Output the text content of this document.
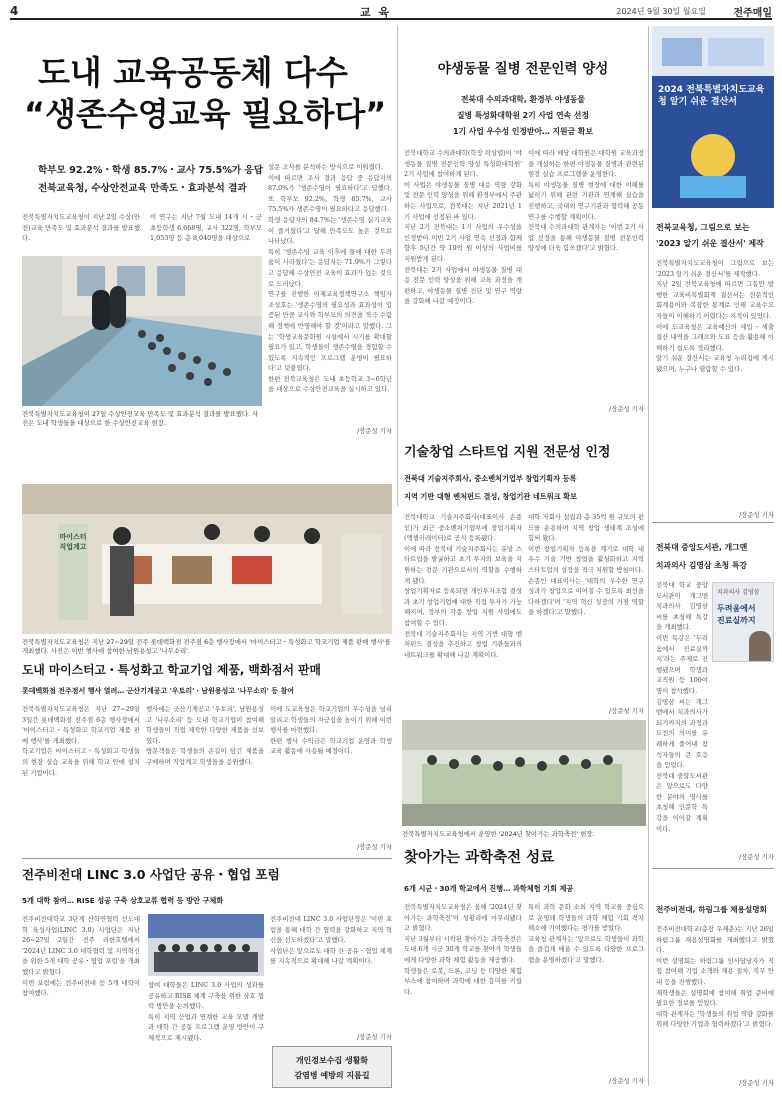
4	교 육	2024년 9월 30일 월요일	전주매일
도내 교육공동체 다수
“생존수영교육 필요하다”
학부모 92.2%・학생 85.7%・교사 75.5%가 응답
전북교육청, 수상안전교육 만족도・효과분석 결과
전북특별자치도교육청이 지난 2일 수상(안전)교육 만족도 및 효과분석 결과를 발표했다.
이 연구는 지난 7월 도내 14개 시・군 초등학생 6,668명, 교사 322명, 학부모 1,053명 등 총 8,040명을 대상으로
전북특별자치도교육청이 27일 수상안전교육 만족도 및 효과분석 결과를 발표했다. 사진은 도내 학생들을 대상으로 한 수상안전교육 현장.
설문 조사를 분석하는 방식으로 이뤄졌다.
이에 따르면 조사 결과 응답 중 응답자의 87.0%가 '생존수영이 필요하다'고 답했다. 또 학부모 92.2%, 학생 85.7%, 교사 75.5%가 생존수영이 필요하다고 응답했다.
학생 응답자의 84.7%는 '생존수영 실기교육이 즐거웠다'고 답해 만족도도 높은 것으로 나타났다.
특히 '생존수영 교육 이후에 물에 대한 두려움이 사라졌다'는 응답자는 71.9%가 그렇다고 응답해 수상안전 교육이 효과가 있는 것으로 드러났다.
연구를 진행한 이재교육정책연구소 책임자 조성호는 '생존수영의 필요성과 효과성이 입증된 만큼 교사와 학부모의 의견을 적극 수렴해 정책에 반영해야 할 것'이라고 말했다. 그는 '학생교육문화원 시설에서 시기를 확대할 필요가 있고, 학생들이 생존수영을 경험할 수 있도록 지속적인 프로그램 운영이 필요하다'고 덧붙였다.
한편 전북교육청은 도내 초등학교 3~6학년을 대상으로 수상안전교육을 실시하고 있다.
/장준성 기자
야생동물 질병 전문인력 양성
전북대 수의과대학, 환경부 야생동물
질병 특성화대학원 2기 사업 연속 선정
1기 사업 우수성 인정받아… 지원금 확보
전북대학교 수의과대학(학장 곽상렬)이 '야생동물 질병 전문인력 양성 특성화대학원' 2기 사업에 참여하게 된다.
이 사업은 야생동물 질병 대응 역량 강화 및 전문 인력 양성을 위해 환경부에서 주관하는 사업으로, 전북대는 지난 2021년 1기 사업에 선정된 바 있다.
지난 2기 전북대는 1기 사업의 우수성을 인정받아 이번 2기 사업 연속 선정과 함께 향후 5년간 약 19억 원 이상의 사업비를 지원받게 된다.
전북대는 2기 사업에서 야생동물 질병 대응 전문 인력 양성을 위해 교육 과정을 개편하고, 야생동물 질병 진단 및 연구 역량을 강화해 나갈 예정이다.
이에 따라 해당 대학원은 대학원 교육과정을 개설하는 한편 야생동물 질병과 관련된 현장 실습 프로그램을 운영한다.
특히 야생동물 질병 현장에 대한 이해를 넓히기 위해 관련 기관과 연계해 실습을 진행하고, 국내외 연구기관과 협력해 공동 연구를 수행할 계획이다.
전북대 수의과대학 관계자는 '이번 2기 사업 선정을 통해 야생동물 질병 전문인력 양성에 더욱 힘쓰겠다'고 밝혔다.
/장준성 기자
2024 전북특별자치도교육청 알기 쉬운 결산서
전북교육청, 그림으로 보는
'2023 알기 쉬운 결산서' 제작
전북특별자치도교육청이 그림으로 보는 '2023 알기 쉬운 결산서'를 제작했다.
지난 2일 전북교육청에 따르면 그동안 발행한 교육비특별회계 결산서는 전문적인 회계용어와 복잡한 통계로 인해 교육수요자들이 이해하기 어렵다는 지적이 있었다.
이에 도교육청은 교육예산의 세입・세출 결산 내역을 그래프와 도표 등을 활용해 이해하기 쉽도록 정리했다.
알기 쉬운 결산서는 교육청 누리집에 게시됐으며, 누구나 열람할 수 있다.
/장준성 기자
기술창업 스타트업 지원 전문성 인정
전북대 기술지주회사, 중소벤처기업부 창업기획자 등록
지역 기반 대형 벤처펀드 결성, 창업기관 네트워크 확보
전북대학교 기술지주회사(대표이사 손종인)가 최근 중소벤처기업부에 창업기획자(액셀러레이터)로 공식 등록됐다.
이에 따라 전북대 기술지주회사는 유망 스타트업을 발굴하고 초기 투자와 보육을 지원하는 전문 기관으로서의 역할을 수행하게 됐다.
창업기획자로 등록되면 개인투자조합 결성과 초기 창업기업에 대한 직접 투자가 가능해지며, 정부의 각종 창업 지원 사업에도 참여할 수 있다.
전북대 기술지주회사는 지역 기반 대형 벤처펀드 결성을 추진하고 창업 기관들과의 네트워크를 확대해 나갈 계획이다.
대학 자회사 설립과 총 35억 원 규모의 펀드를 운용하며 지역 창업 생태계 조성에 힘써 왔다.
이번 창업기획자 등록을 계기로 대학 내 우수 기술 기반 창업을 활성화하고 지역 스타트업의 성장을 적극 지원할 방침이다.
손종인 대표이사는 '대학의 우수한 연구 성과가 창업으로 이어질 수 있도록 최선을 다하겠다'며 '지역 혁신 성장의 거점 역할을 하겠다'고 말했다.
/장준성 기자
마이스터 직업계고
전북특별자치도교육청은 지난 27~29일 전주 롯데백화점 전주점 6층 행사장에서 '마이스터고・특성화고 학교기업 제품 판매 행사'를 개최했다. 사진은 이번 행사에 참여한 남원용성고 '나무소리'.
도내 마이스터고・특성화고 학교기업 제품, 백화점서 판매
롯데백화점 전주점서 행사 열려… 군산기계공고 '우토리'・남원용성고 '나무소리' 등 참여
전북특별자치도교육청은 지난 27~29일 3일간 롯데백화점 전주점 6층 행사장에서 '마이스터고・특성화고 학교기업 제품 판매 행사'를 개최했다.
학교기업은 마이스터고・특성화고 학생들의 현장 실습 교육을 위해 학교 안에 설치된 기업이다.
행사에는 군산기계공고 '우토리', 남원용성고 '나무소리' 등 도내 학교기업이 참여해 학생들이 직접 제작한 다양한 제품을 선보였다.
방문객들은 학생들의 손길이 담긴 제품을 구매하며 직업계고 학생들을 응원했다.
이에 도교육청은 학교기업의 우수성을 널리 알리고 학생들의 자긍심을 높이기 위해 이번 행사를 마련했다.
한편 행사 수익금은 학교기업 운영과 학생 교육 활동에 사용될 예정이다.
/장준성 기자
전주비전대 LINC 3.0 사업단 공유・협업 포럼
5개 대학 참여… RISE 성공 구축 상호교류 협력 등 방안 구체화
전주비전대학교 3단계 산학연협력 선도대학 육성사업(LINC 3.0) 사업단은 지난 26~27일 2일간 전주 라한호텔에서 '2024년 LINC 3.0 대학협력 및 지역혁신을 위한 5개 대학 공유・협업 포럼'을 개최했다고 밝혔다.
이번 포럼에는 전주비전대 등 5개 대학이 참여했다.
참여 대학들은 LINC 3.0 사업의 성과를 공유하고 RISE 체계 구축을 위한 상호 협력 방안을 논의했다.
특히 지역 산업과 연계한 교육 모델 개발과 대학 간 공동 프로그램 운영 방안이 구체적으로 제시됐다.
전주비전대 LINC 3.0 사업단장은 '이번 포럼을 통해 대학 간 협력을 강화하고 지역 혁신을 선도하겠다'고 말했다.
사업단은 앞으로도 대학 간 공유・협업 체계를 지속적으로 확대해 나갈 계획이다.
/장준성 기자
개인정보수집 생활화
감염병 예방의 지름길
전북특별자치도교육청에서 운영한 '2024년 찾아가는 과학축전' 현장.
찾아가는 과학축전 성료
6개 시군・30개 학교에서 진행… 과학체험 기회 제공
전북특별자치도교육청은 올해 '2024년 찾아가는 과학축전'이 성황리에 마무리됐다고 밝혔다.
지난 3월부터 시작된 찾아가는 과학축전은 도내 6개 시군 30개 학교를 찾아가 학생들에게 다양한 과학 체험 활동을 제공했다.
학생들은 로봇, 드론, 코딩 등 다양한 체험 부스에 참여하며 과학에 대한 흥미를 키웠다.
특히 과학 문화 소외 지역 학교를 중심으로 운영돼 학생들의 과학 체험 기회 격차 해소에 기여했다는 평가를 받았다.
교육청 관계자는 '앞으로도 학생들이 과학을 즐겁게 배울 수 있도록 다양한 프로그램을 운영하겠다'고 말했다.
/장준성 기자
전북대 중앙도서관, 개그맨
치과의사 김영삼 초청 특강
전북대 학교 중앙도서관이 개그맨 치과의사 김영삼 씨를 초청해 특강을 개최했다.
이번 특강은 '두려움에서 진료실까지'라는 주제로 진행됐으며 학생과 교직원 등 100여 명이 참석했다.
김영삼 씨는 개그맨에서 치과의사가 되기까지의 과정과 도전의 의미를 유쾌하게 풀어내 참석자들의 큰 호응을 얻었다.
전북대 중앙도서관은 앞으로도 다양한 분야의 명사를 초청해 인문학 특강을 이어갈 계획이다.
치과의사 김영삼
두려움에서
진료실까지
/장준성 기자
전주비전대, 하림그룹 채용설명회
전주비전대학교(총장 우재춘)는 지난 26일 하림그룹 채용설명회를 개최했다고 밝혔다.
이번 설명회는 하림그룹 인사담당자가 직접 참여해 기업 소개와 채용 절차, 직무 안내 등을 진행했다.
재학생들은 설명회에 참여해 취업 준비에 필요한 정보를 얻었다.
대학 관계자는 '학생들의 취업 역량 강화를 위해 다양한 기업과 협력하겠다'고 밝혔다.
/장준성 기자
